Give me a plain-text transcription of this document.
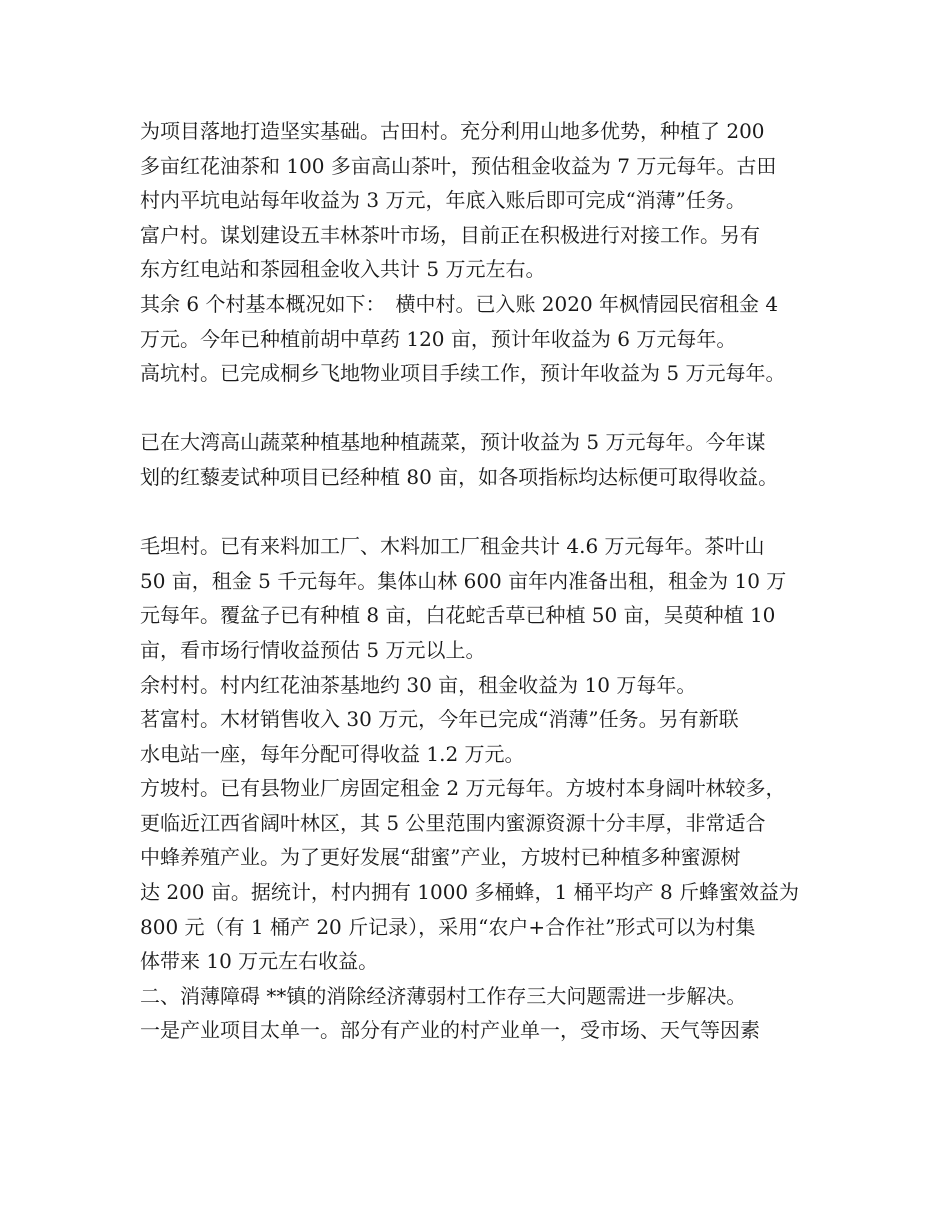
为项目落地打造坚实基础。古田村。充分利用山地多优势，种植了 200
多亩红花油茶和 100 多亩高山茶叶，预估租金收益为 7 万元每年。古田
村内平坑电站每年收益为 3 万元，年底入账后即可完成“消薄”任务。
富户村。谋划建设五丰林茶叶市场，目前正在积极进行对接工作。另有
东方红电站和茶园租金收入共计 5 万元左右。
其余 6 个村基本概况如下：　横中村。已入账 2020 年枫情园民宿租金 4
万元。今年已种植前胡中草药 120 亩，预计年收益为 6 万元每年。
高坑村。已完成桐乡飞地物业项目手续工作，预计年收益为 5 万元每年。
已在大湾高山蔬菜种植基地种植蔬菜，预计收益为 5 万元每年。今年谋
划的红藜麦试种项目已经种植 80 亩，如各项指标均达标便可取得收益。
毛坦村。已有来料加工厂、木料加工厂租金共计 4.6 万元每年。茶叶山
50 亩，租金 5 千元每年。集体山林 600 亩年内准备出租，租金为 10 万
元每年。覆盆子已有种植 8 亩，白花蛇舌草已种植 50 亩，吴萸种植 10
亩，看市场行情收益预估 5 万元以上。
余村村。村内红花油茶基地约 30 亩，租金收益为 10 万每年。
茗富村。木材销售收入 30 万元，今年已完成“消薄”任务。另有新联
水电站一座，每年分配可得收益 1.2 万元。
方坡村。已有县物业厂房固定租金 2 万元每年。方坡村本身阔叶林较多，
更临近江西省阔叶林区，其 5 公里范围内蜜源资源十分丰厚，非常适合
中蜂养殖产业。为了更好发展“甜蜜”产业，方坡村已种植多种蜜源树
达 200 亩。据统计，村内拥有 1000 多桶蜂，1 桶平均产 8 斤蜂蜜效益为
800 元（有 1 桶产 20 斤记录），采用“农户+合作社”形式可以为村集
体带来 10 万元左右收益。
二、消薄障碍 **镇的消除经济薄弱村工作存三大问题需进一步解决。
一是产业项目太单一。部分有产业的村产业单一，受市场、天气等因素
